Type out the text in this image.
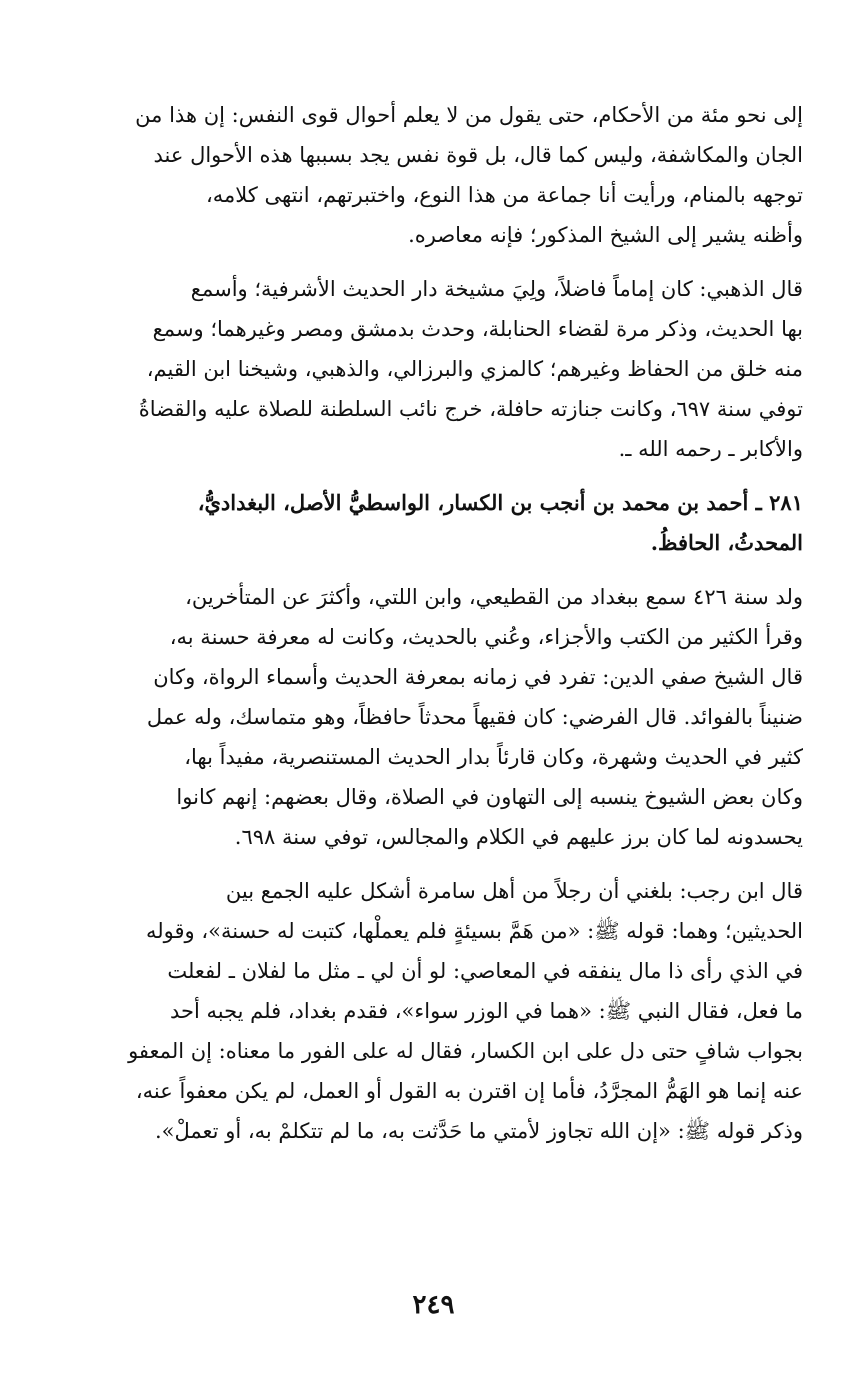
إلى نحو مئة من الأحكام، حتى يقول من لا يعلم أحوال قوى النفس: إن هذا من
الجان والمكاشفة، وليس كما قال، بل قوة نفس يجد بسببها هذه الأحوال عند
توجهه بالمنام، ورأيت أنا جماعة من هذا النوع، واختبرتهم، انتهى كلامه،
وأظنه يشير إلى الشيخ المذكور؛ فإنه معاصره.

قال الذهبي: كان إماماً فاضلاً، ولِيَ مشيخة دار الحديث الأشرفية؛ وأسمع
بها الحديث، وذكر مرة لقضاء الحنابلة، وحدث بدمشق ومصر وغيرهما؛ وسمع
منه خلق من الحفاظ وغيرهم؛ كالمزي والبرزالي، والذهبي، وشيخنا ابن القيم،
توفي سنة ٦٩٧، وكانت جنازته حافلة، خرج نائب السلطنة للصلاة عليه والقضاةُ
والأكابر ـ رحمه الله ـ.

٢٨١ ـ أحمد بن محمد بن أنجب بن الكسار، الواسطيُّ الأصل، البغداديُّ،
المحدثُ، الحافظُ.

ولد سنة ٤٢٦ سمع ببغداد من القطيعي، وابن اللتي، وأكثرَ عن المتأخرين،
وقرأ الكثير من الكتب والأجزاء، وعُني بالحديث، وكانت له معرفة حسنة به،
قال الشيخ صفي الدين: تفرد في زمانه بمعرفة الحديث وأسماء الرواة، وكان
ضنيناً بالفوائد. قال الفرضي: كان فقيهاً محدثاً حافظاً، وهو متماسك، وله عمل
كثير في الحديث وشهرة، وكان قارئاً بدار الحديث المستنصرية، مفيداً بها،
وكان بعض الشيوخ ينسبه إلى التهاون في الصلاة، وقال بعضهم: إنهم كانوا
يحسدونه لما كان برز عليهم في الكلام والمجالس، توفي سنة ٦٩٨.

قال ابن رجب: بلغني أن رجلاً من أهل سامرة أشكل عليه الجمع بين
الحديثين؛ وهما: قوله ﷺ: «من هَمَّ بسيئةٍ فلم يعملْها، كتبت له حسنة»، وقوله
في الذي رأى ذا مال ينفقه في المعاصي: لو أن لي ـ مثل ما لفلان ـ لفعلت
ما فعل، فقال النبي ﷺ: «هما في الوزر سواء»، فقدم بغداد، فلم يجبه أحد
بجواب شافٍ حتى دل على ابن الكسار، فقال له على الفور ما معناه: إن المعفو
عنه إنما هو الهَمُّ المجرَّدُ، فأما إن اقترن به القول أو العمل، لم يكن معفواً عنه،
وذكر قوله ﷺ: «إن الله تجاوز لأمتي ما حَدَّثت به، ما لم تتكلمْ به، أو تعملْ».

٢٤٩
